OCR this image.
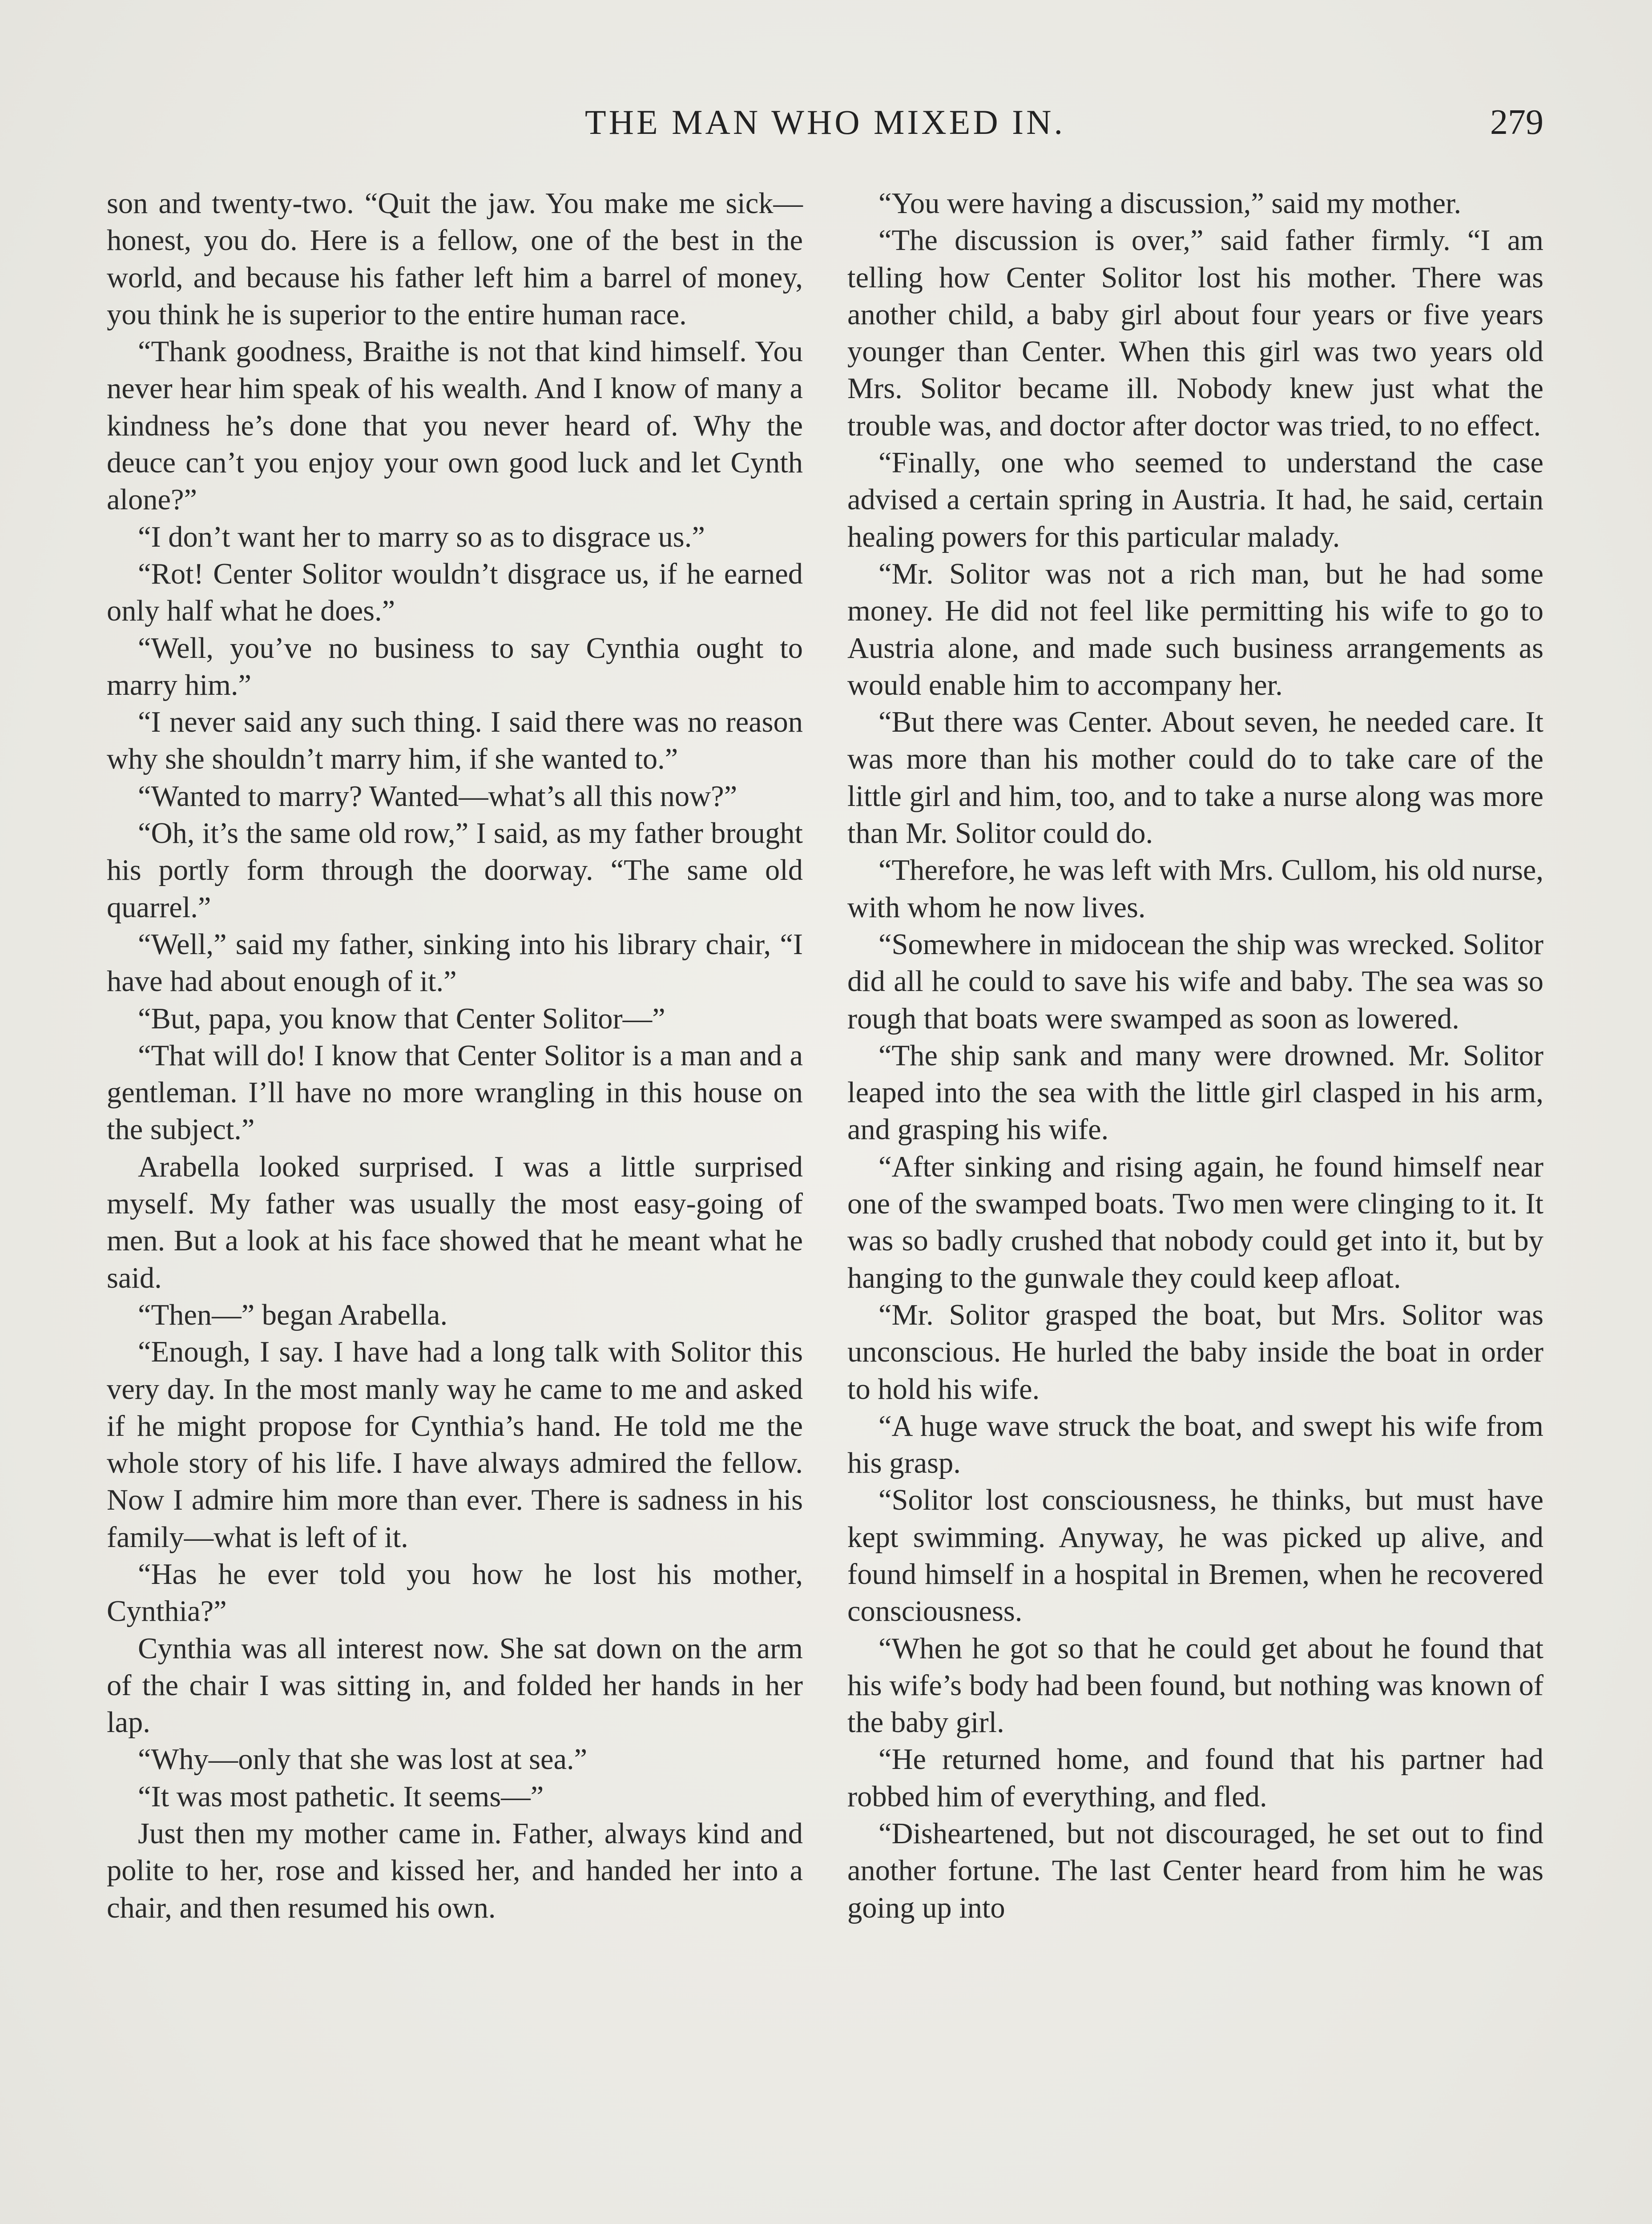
THE MAN WHO MIXED IN.	279

son and twenty-two. “Quit the jaw. You make me sick—honest, you do. Here is a fellow, one of the best in the world, and because his father left him a barrel of money, you think he is superior to the entire human race.

“Thank goodness, Braithe is not that kind himself. You never hear him speak of his wealth. And I know of many a kindness he’s done that you never heard of. Why the deuce can’t you enjoy your own good luck and let Cynth alone?”

“I don’t want her to marry so as to disgrace us.”

“Rot! Center Solitor wouldn’t disgrace us, if he earned only half what he does.”

“Well, you’ve no business to say Cynthia ought to marry him.”

“I never said any such thing. I said there was no reason why she shouldn’t marry him, if she wanted to.”

“Wanted to marry? Wanted—what’s all this now?”

“Oh, it’s the same old row,” I said, as my father brought his portly form through the doorway. “The same old quarrel.”

“Well,” said my father, sinking into his library chair, “I have had about enough of it.”

“But, papa, you know that Center Solitor—”

“That will do! I know that Center Solitor is a man and a gentleman. I’ll have no more wrangling in this house on the subject.”

Arabella looked surprised. I was a little surprised myself. My father was usually the most easy-going of men. But a look at his face showed that he meant what he said.

“Then—” began Arabella.

“Enough, I say. I have had a long talk with Solitor this very day. In the most manly way he came to me and asked if he might propose for Cynthia’s hand. He told me the whole story of his life. I have always admired the fellow. Now I admire him more than ever. There is sadness in his family—what is left of it.

“Has he ever told you how he lost his mother, Cynthia?”

Cynthia was all interest now. She sat down on the arm of the chair I was sitting in, and folded her hands in her lap.

“Why—only that she was lost at sea.”

“It was most pathetic. It seems—”

Just then my mother came in. Father, always kind and polite to her, rose and kissed her, and handed her into a chair, and then resumed his own.

“You were having a discussion,” said my mother.

“The discussion is over,” said father firmly. “I am telling how Center Solitor lost his mother. There was another child, a baby girl about four years or five years younger than Center. When this girl was two years old Mrs. Solitor became ill. Nobody knew just what the trouble was, and doctor after doctor was tried, to no effect.

“Finally, one who seemed to understand the case advised a certain spring in Austria. It had, he said, certain healing powers for this particular malady.

“Mr. Solitor was not a rich man, but he had some money. He did not feel like permitting his wife to go to Austria alone, and made such business arrangements as would enable him to accompany her.

“But there was Center. About seven, he needed care. It was more than his mother could do to take care of the little girl and him, too, and to take a nurse along was more than Mr. Solitor could do.

“Therefore, he was left with Mrs. Cullom, his old nurse, with whom he now lives.

“Somewhere in midocean the ship was wrecked. Solitor did all he could to save his wife and baby. The sea was so rough that boats were swamped as soon as lowered.

“The ship sank and many were drowned. Mr. Solitor leaped into the sea with the little girl clasped in his arm, and grasping his wife.

“After sinking and rising again, he found himself near one of the swamped boats. Two men were clinging to it. It was so badly crushed that nobody could get into it, but by hanging to the gunwale they could keep afloat.

“Mr. Solitor grasped the boat, but Mrs. Solitor was unconscious. He hurled the baby inside the boat in order to hold his wife.

“A huge wave struck the boat, and swept his wife from his grasp.

“Solitor lost consciousness, he thinks, but must have kept swimming. Anyway, he was picked up alive, and found himself in a hospital in Bremen, when he recovered consciousness.

“When he got so that he could get about he found that his wife’s body had been found, but nothing was known of the baby girl.

“He returned home, and found that his partner had robbed him of everything, and fled.

“Disheartened, but not discouraged, he set out to find another fortune. The last Center heard from him he was going up into
